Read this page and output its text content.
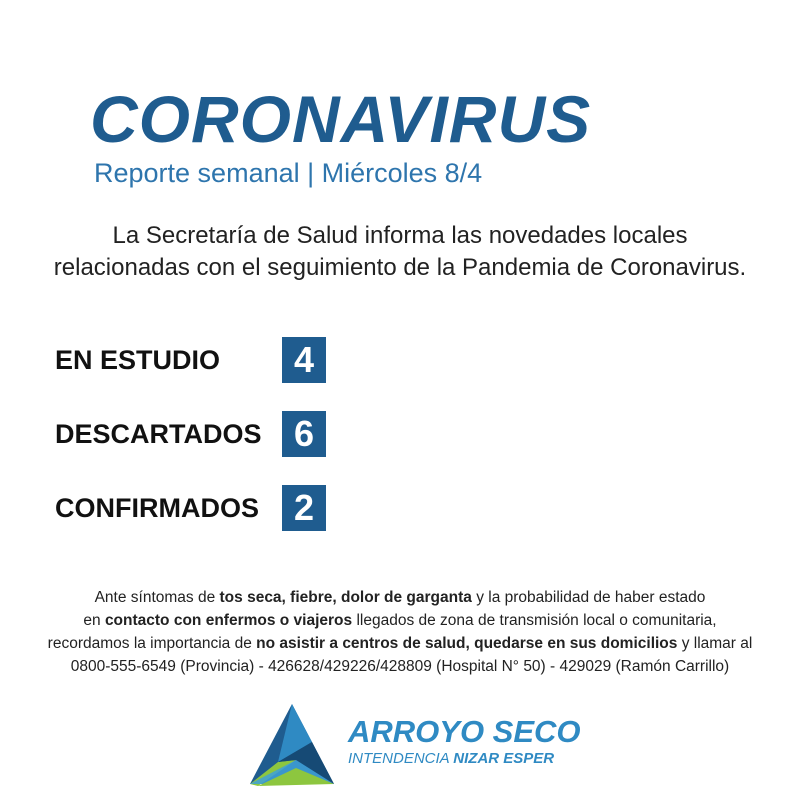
CORONAVIRUS
Reporte semanal | Miércoles 8/4
La Secretaría de Salud informa las novedades locales
relacionadas con el seguimiento de la Pandemia de Coronavirus.
EN ESTUDIO	4
DESCARTADOS 6
CONFIRMADOS 2
Ante síntomas de tos seca, fiebre, dolor de garganta y la probabilidad de haber estado
en contacto con enfermos o viajeros llegados de zona de transmisión local o comunitaria,
recordamos la importancia de no asistir a centros de salud, quedarse en sus domicilios y llamar al
0800-555-6549 (Provincia) - 426628/429226/428809 (Hospital N° 50) - 429029 (Ramón Carrillo)
ARROYO SECO
INTENDENCIA NIZAR ESPER
